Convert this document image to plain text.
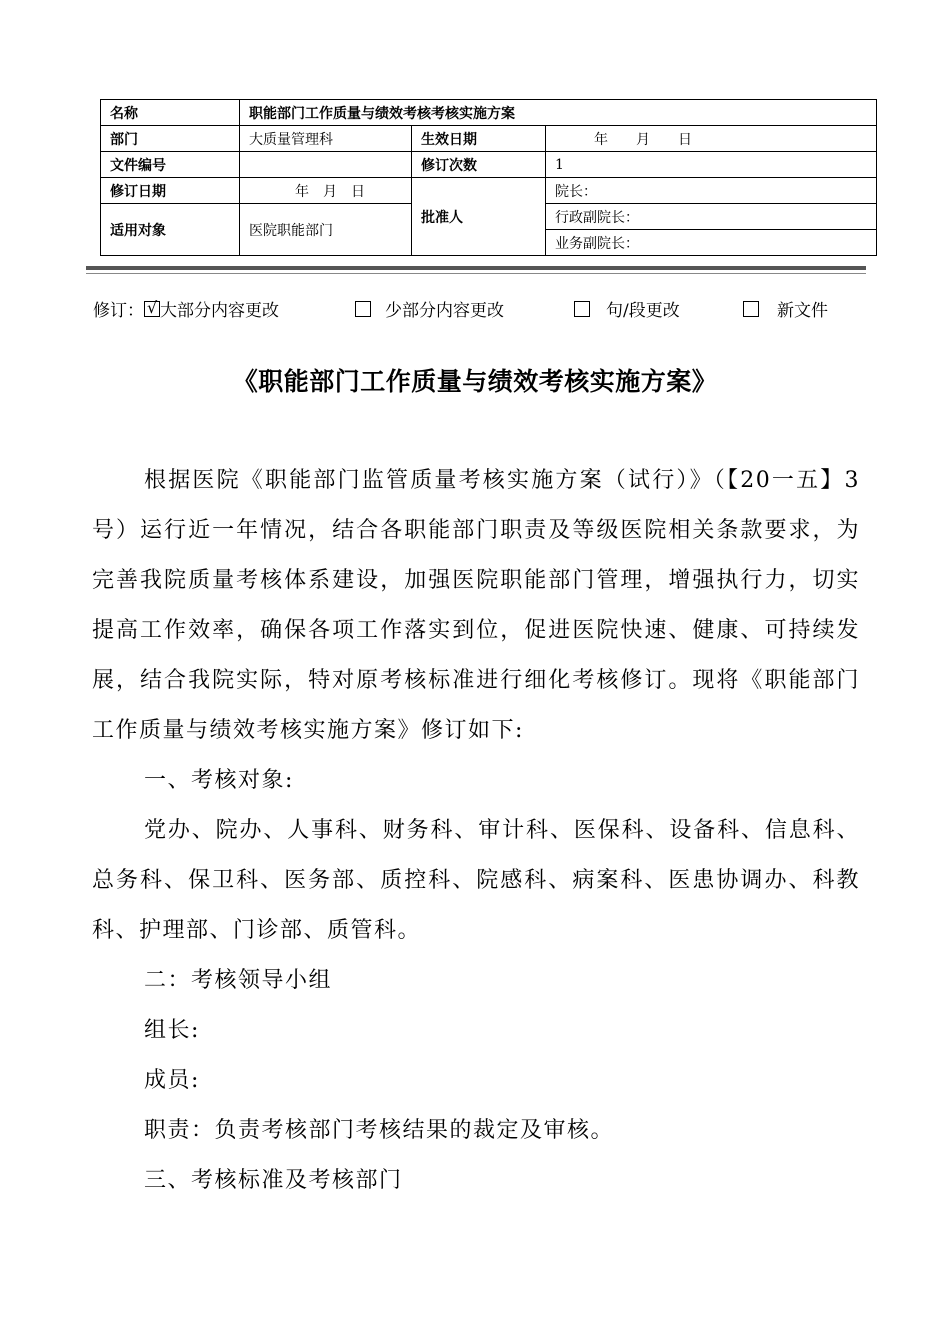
名称	职能部门工作质量与绩效考核考核实施方案		
部门	大质量管理科	生效日期	年　　月　　日
文件编号		修订次数	1
修订日期	年　月　日	批准人	院长：
适用对象	医院职能部门		行政副院长：
			业务副院长：
修订： √ 大部分内容更改	少部分内容更改	句/段更改	新文件
《职能部门工作质量与绩效考核实施方案》

根据医院《职能部门监管质量考核实施方案（试行）》（【20一五】3号）运行近一年情况，结合各职能部门职责及等级医院相关条款要求，为完善我院质量考核体系建设，加强医院职能部门管理，增强执行力，切实提高工作效率，确保各项工作落实到位，促进医院快速、健康、可持续发展，结合我院实际，特对原考核标准进行细化考核修订。现将《职能部门工作质量与绩效考核实施方案》修订如下:

一、考核对象:

党办、院办、人事科、财务科、审计科、医保科、设备科、信息科、总务科、保卫科、医务部、质控科、院感科、病案科、医患协调办、科教科、护理部、门诊部、质管科。

二：考核领导小组

组长:

成员:

职责：负责考核部门考核结果的裁定及审核。

三、考核标准及考核部门
